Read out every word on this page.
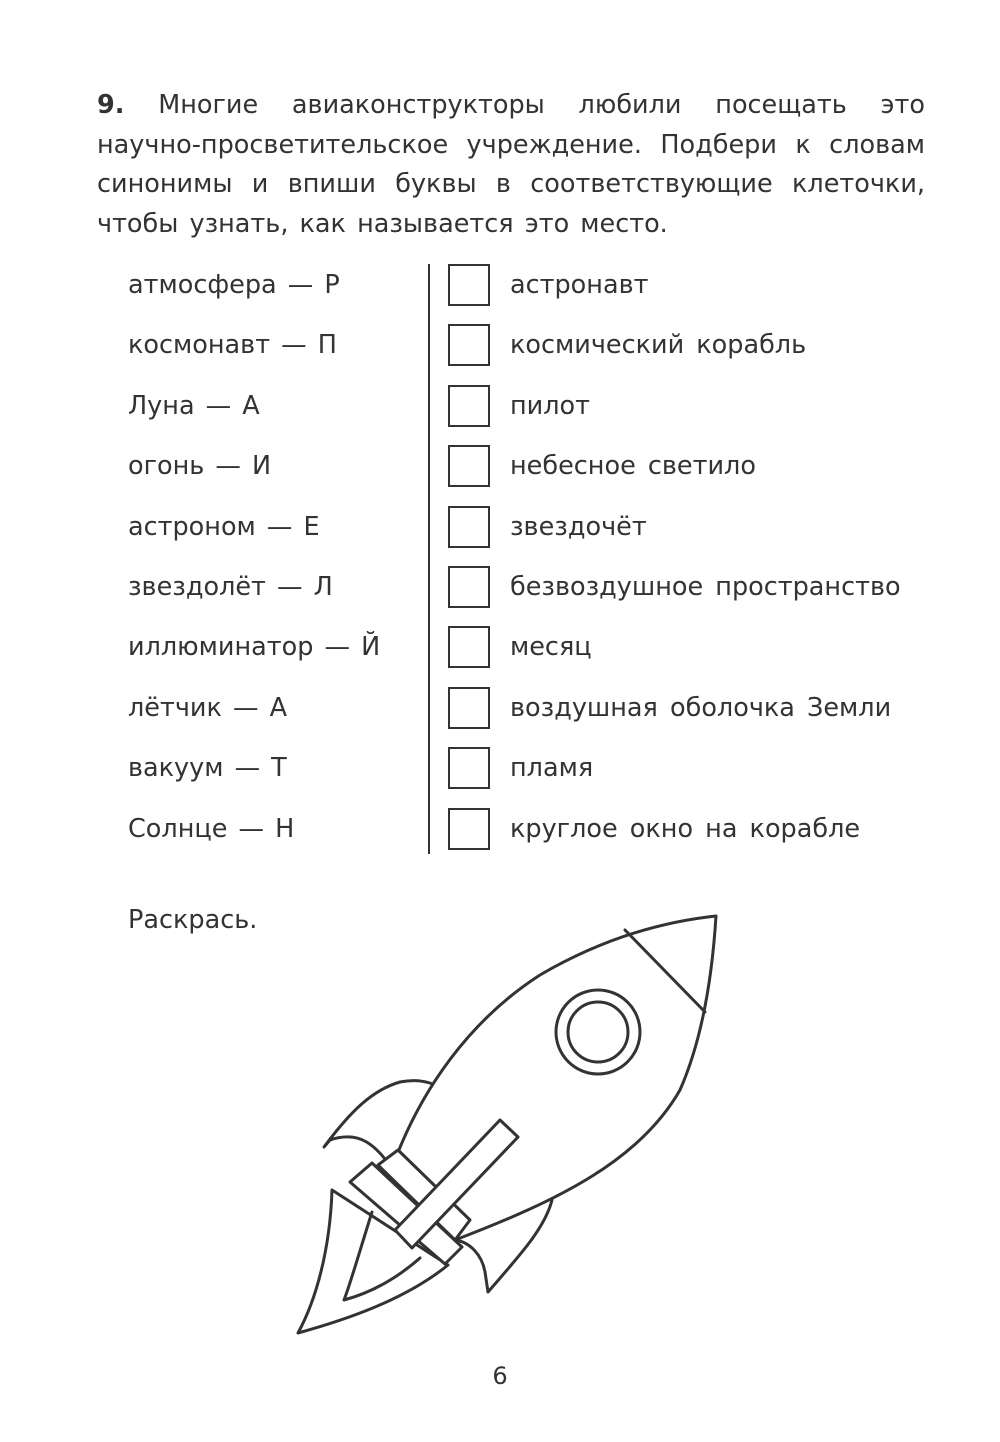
9. Многие авиаконструкторы любили посещать это научно-просветительское учреждение. Подбери к словам синонимы и впиши буквы в соответствующие клеточки, чтобы узнать, как называется это место.

атмосфера — Р
космонавт — П
Луна — А
огонь — И
астроном — Е
звездолёт — Л
иллюминатор — Й
лётчик — А
вакуум — Т
Солнце — Н
астронавт
космический корабль
пилот
небесное светило
звездочёт
безвоздушное пространство
месяц
воздушная оболочка Земли
пламя
круглое окно на корабле
Раскрась.
6
